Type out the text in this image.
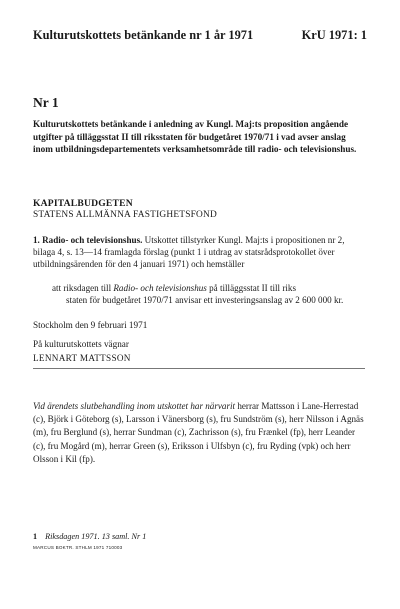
Kulturutskottets betänkande nr 1 år 1971	KrU 1971: 1
Nr 1

Kulturutskottets betänkande i anledning av Kungl. Maj:ts proposition angående utgifter på tilläggsstat II till riksstaten för budgetåret 1970/71 i vad avser anslag inom utbildningsdepartementets verksamhetsområde till radio- och televisionshus.

KAPITALBUDGETEN
STATENS ALLMÄNNA FASTIGHETSFOND

1. Radio- och televisionshus. Utskottet tillstyrker Kungl. Maj:ts i propositionen nr 2, bilaga 4, s. 13—14 framlagda förslag (punkt 1 i utdrag av statsrådsprotokollet över utbildningsärenden för den 4 januari 1971) och hemställer

att riksdagen till Radio- och televisionshus på tilläggsstat II till riks
staten för budgetåret 1970/71 anvisar ett investeringsanslag av 2 600 000 kr.

Stockholm den 9 februari 1971
På kulturutskottets vägnar
LENNART MATTSSON

Vid ärendets slutbehandling inom utskottet har närvarit herrar Mattsson i Lane-Herrestad (c), Björk i Göteborg (s), Larsson i Vänersborg (s), fru Sundström (s), herr Nilsson i Agnäs (m), fru Berglund (s), herrar Sundman (c), Zachrisson (s), fru Frænkel (fp), herr Leander (c), fru Mogård (m), herrar Green (s), Eriksson i Ulfsbyn (c), fru Ryding (vpk) och herr Olsson i Kil (fp).

1 Riksdagen 1971. 13 saml. Nr 1
MARCUS BOKTR. STHLM 1971 710003
